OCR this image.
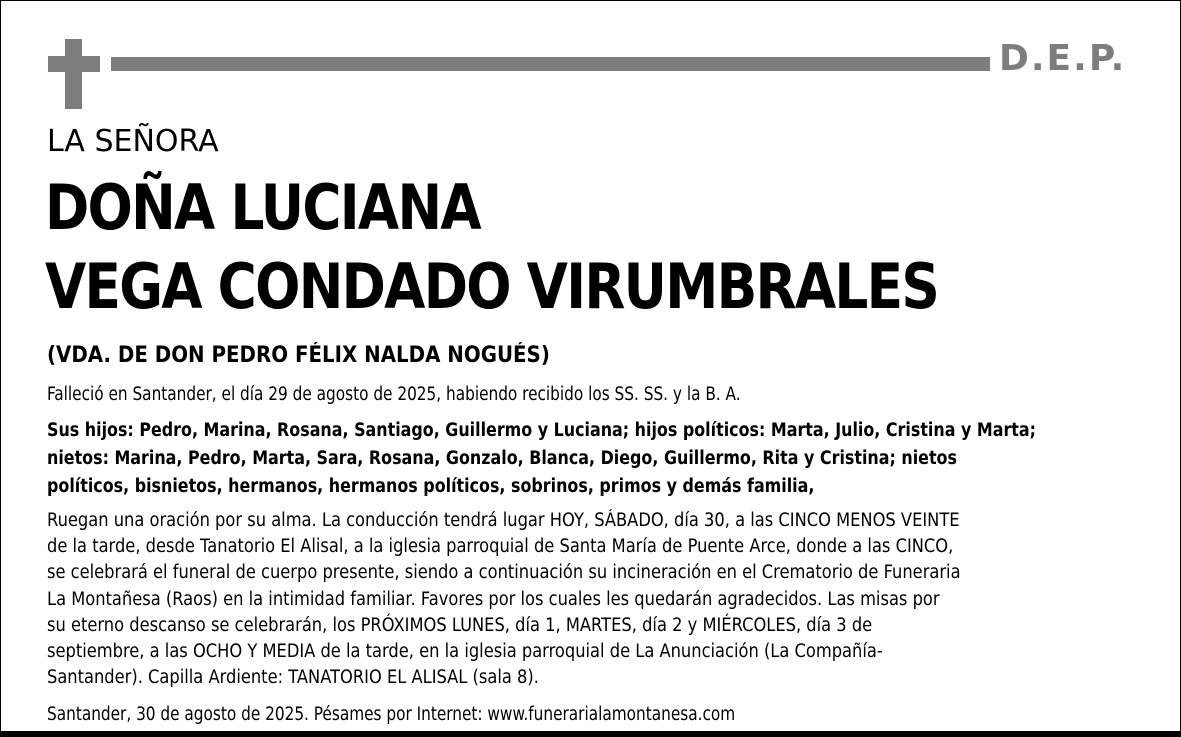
D.E.P.
LA SEÑORA
DOÑA LUCIANA
VEGA CONDADO VIRUMBRALES
(VDA. DE DON PEDRO FÉLIX NALDA NOGUÉS)
Falleció en Santander, el día 29 de agosto de 2025, habiendo recibido los SS. SS. y la B. A.
Sus hijos: Pedro, Marina, Rosana, Santiago, Guillermo y Luciana; hijos políticos: Marta, Julio, Cristina y Marta;
nietos: Marina, Pedro, Marta, Sara, Rosana, Gonzalo, Blanca, Diego, Guillermo, Rita y Cristina; nietos
políticos, bisnietos, hermanos, hermanos políticos, sobrinos, primos y demás familia,
Ruegan una oración por su alma. La conducción tendrá lugar HOY, SÁBADO, día 30, a las CINCO MENOS VEINTE
de la tarde, desde Tanatorio El Alisal, a la iglesia parroquial de Santa María de Puente Arce, donde a las CINCO,
se celebrará el funeral de cuerpo presente, siendo a continuación su incineración en el Crematorio de Funeraria
La Montañesa (Raos) en la intimidad familiar. Favores por los cuales les quedarán agradecidos. Las misas por
su eterno descanso se celebrarán, los PRÓXIMOS LUNES, día 1, MARTES, día 2 y MIÉRCOLES, día 3 de
septiembre, a las OCHO Y MEDIA de la tarde, en la iglesia parroquial de La Anunciación (La Compañía-
Santander). Capilla Ardiente: TANATORIO EL ALISAL (sala 8).
Santander, 30 de agosto de 2025. Pésames por Internet: www.funerarialamontanesa.com
